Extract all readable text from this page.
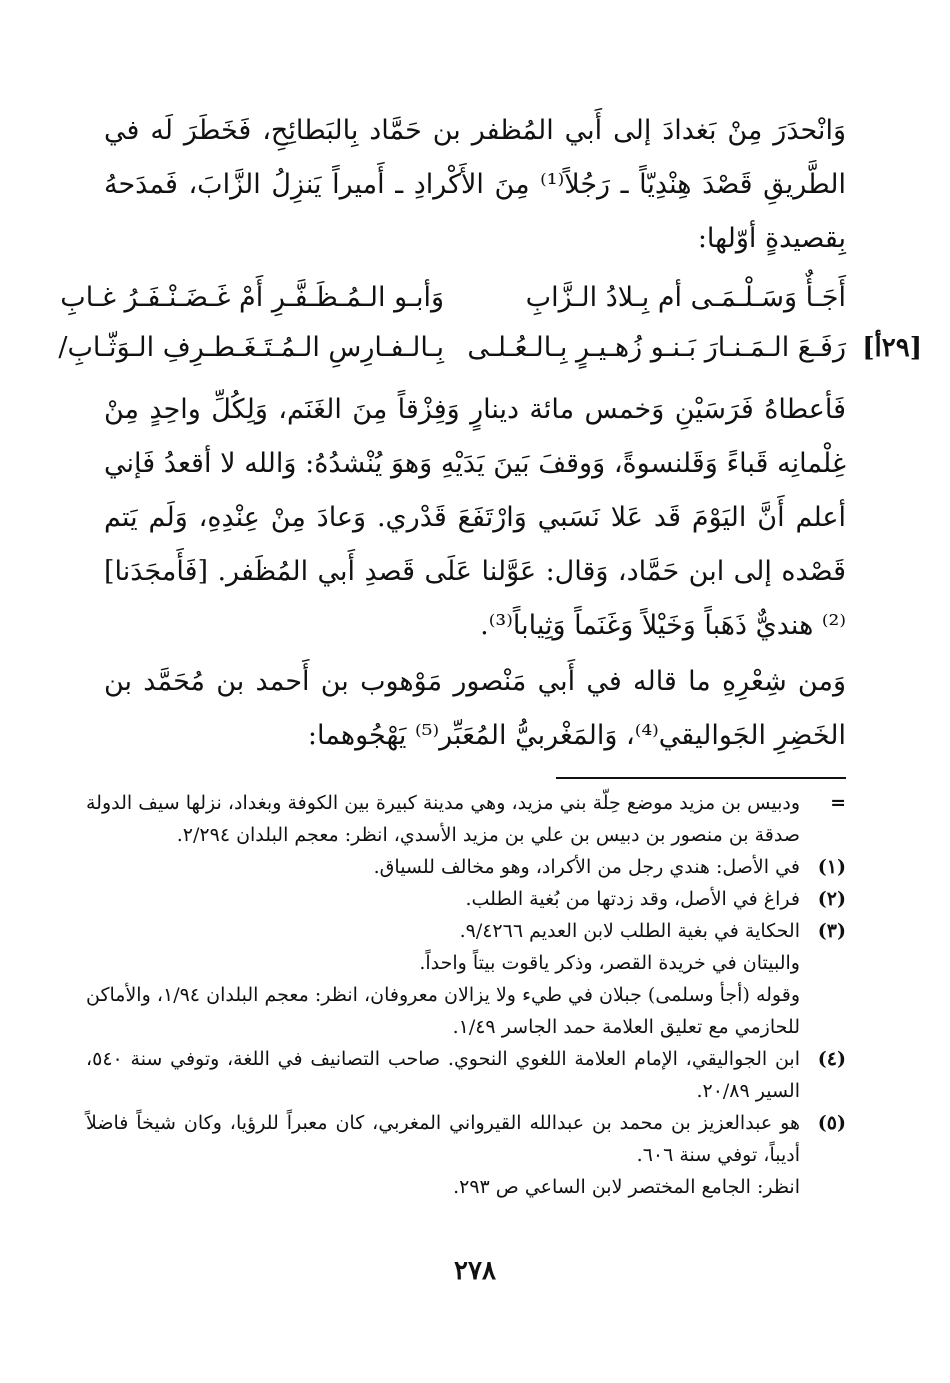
وَانْحدَرَ مِنْ بَغدادَ إلى أَبي المُظفر بن حَمَّاد بِالبَطائِحِ، فَخَطَرَ لَه في الطَّريقِ قَصْدَ هِنْدِيّاً ـ رَجُلاً⁽¹⁾ مِنَ الأَكْرادِ ـ أَميراً يَنزِلُ الزَّابَ، فَمدَحهُ بِقصيدةٍ أوّلها:

أَجَـأٌ وَسَـلْـمَـى أم بِـلادُ الـزَّابِ
وَأبـو الـمُـظَـفَّـرِ أَمْ غَـضَـنْـفَـرُ غـابِ
رَفَـعَ الـمَـنـارَ بَـنـو زُهـيـرٍ بِـالـعُـلـى
بِـالـفـارِسِ الـمُـتَـغَـطـرِفِ الـوَثّـابِ/	[٢٩أ]

فَأعطاهُ فَرَسَيْنِ وَخمس مائة دينارٍ وَفِزْقاً مِنَ الغَنَم، وَلِكُلِّ واحِدٍ مِنْ غِلْمانِه قَباءً وَقَلنسوةً، وَوقفَ بَينَ يَدَيْهِ وَهوَ يُنْشدُهُ: وَالله لا أقعدُ فَإني أعلم أَنَّ اليَوْمَ قَد عَلا نَسَبي وَارْتَفَعَ قَدْري. وَعادَ مِنْ عِنْدِهِ، وَلَم يَتم قَصْده إلى ابن حَمَّاد، وَقال: عَوَّلنا عَلَى قَصدِ أَبي المُظَفر. [فَأَمجَدَنا]⁽²⁾ هنديٌّ ذَهَباً وَخَيْلاً وَغَنَماً وَثِياباً⁽³⁾.

وَمن شِعْرِهِ ما قاله في أَبي مَنْصور مَوْهوب بن أَحمد بن مُحَمَّد بن الخَضِرِ الجَواليقي⁽⁴⁾، وَالمَغْربيُّ المُعَبِّر⁽⁵⁾ يَهْجُوهما:

=
ودبيس بن مزيد موضع حِلّة بني مزيد، وهي مدينة كبيرة بين الكوفة وبغداد، نزلها سيف الدولة صدقة بن منصور بن دبيس بن علي بن مزيد الأسدي، انظر: معجم البلدان ٢/٢٩٤.
(١)
في الأصل: هندي رجل من الأكراد، وهو مخالف للسياق.
(٢)
فراغ في الأصل، وقد زدتها من بُغية الطلب.
(٣)
الحكاية في بغية الطلب لابن العديم ٩/٤٢٦٦.
والبيتان في خريدة القصر، وذكر ياقوت بيتاً واحداً.
وقوله (أجأ وسلمى) جبلان في طيء ولا يزالان معروفان، انظر: معجم البلدان ١/٩٤، والأماكن للحازمي مع تعليق العلامة حمد الجاسر ١/٤٩.
(٤)
ابن الجواليقي، الإمام العلامة اللغوي النحوي. صاحب التصانيف في اللغة، وتوفي سنة ٥٤٠، السير ٢٠/٨٩.
(٥)
هو عبدالعزيز بن محمد بن عبدالله القيرواني المغربي، كان معبراً للرؤيا، وكان شيخاً فاضلاً أديباً، توفي سنة ٦٠٦.
انظر: الجامع المختصر لابن الساعي ص ٢٩٣.
٢٧٨
